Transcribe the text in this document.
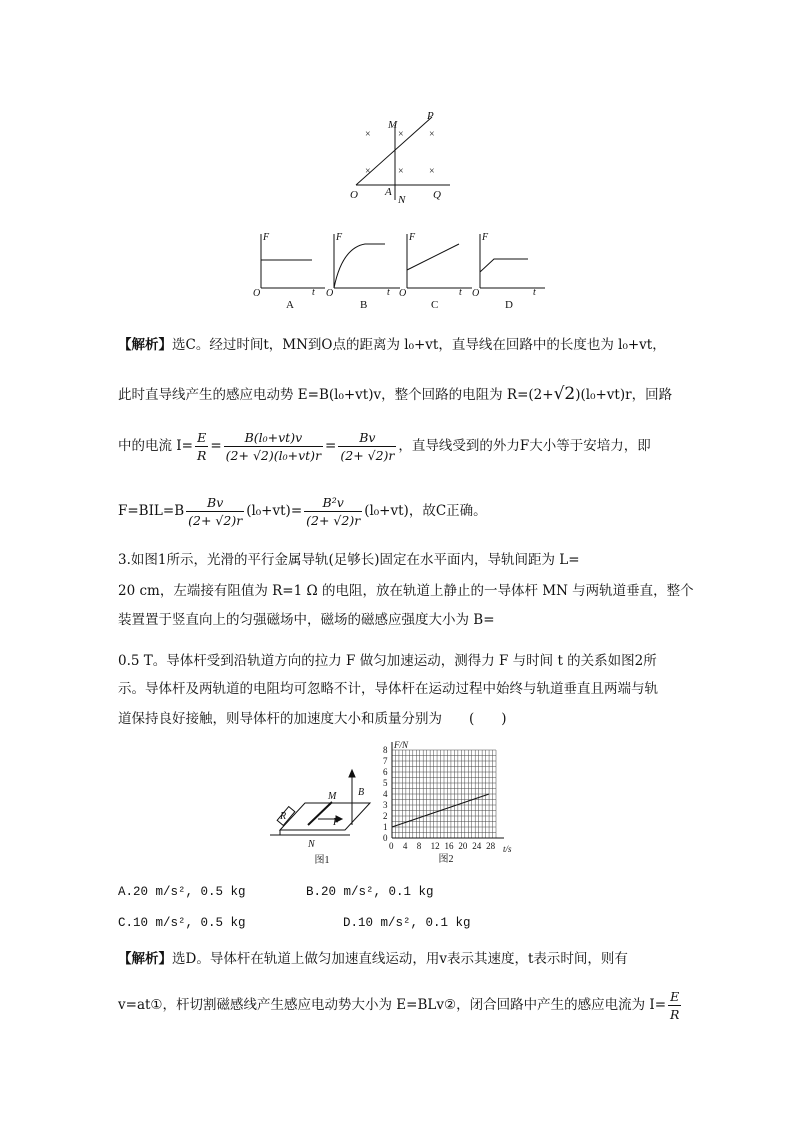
M
P
O A
N	Q
×	×	×
×	×	×
F
t
O
F
t
O
F
t
O
F
t
O
A	B	C	D
【解析】选C。经过时间t，MN到O点的距离为 l₀+vt，直导线在回路中的长度也为 l₀+vt，
此时直导线产生的感应电动势 E=B(l₀+vt)v，整个回路的电阻为 R=(2+√2)(l₀+vt)r，回路
中的电流 $I= \frac{E}{R} = \frac{\text{B(l₀+vt)v}}{\text{(2+ √2)(l₀+vt)r}} = \frac{Bv}{(2+ √2)r}$ ，直导线受到的外力F大小等于安培力，即
$F=BIL=B \frac{Bv}{(2+ √2)r} (l_0+vt)= \frac{\text{B²v}}{(2+ √2)r} (l_0+vt)$，故C正确。
3.如图1所示，光滑的平行金属导轨(足够长)固定在水平面内，导轨间距为 L=
20 cm，左端接有阻值为 R=1 Ω 的电阻，放在轨道上静止的一导体杆 MN 与两轨道垂直，整个
装置置于竖直向上的匀强磁场中，磁场的磁感应强度大小为 B=
0.5 T。导体杆受到沿轨道方向的拉力 F 做匀加速运动，测得力 F 与时间 t 的关系如图2所
示。导体杆及两轨道的电阻均可忽略不计，导体杆在运动过程中始终与轨道垂直且两端与轨
道保持良好接触，则导体杆的加速度大小和质量分别为　　(　　)
R
M B
F
N
图1
0
1
2
3
4
5
6
7
8
0 4 8 12 16 20 24 28
F/N
t/s
图2
A.20 m/s², 0.5 kg	B.20 m/s², 0.1 kg
C.10 m/s², 0.5 kg	D.10 m/s², 0.1 kg
【解析】选D。导体杆在轨道上做匀加速直线运动，用v表示其速度，t表示时间，则有
v=at①，杆切割磁感线产生感应电动势大小为 E=BLv②，闭合回路中产生的感应电流为 $I= \frac{E}{R}$
